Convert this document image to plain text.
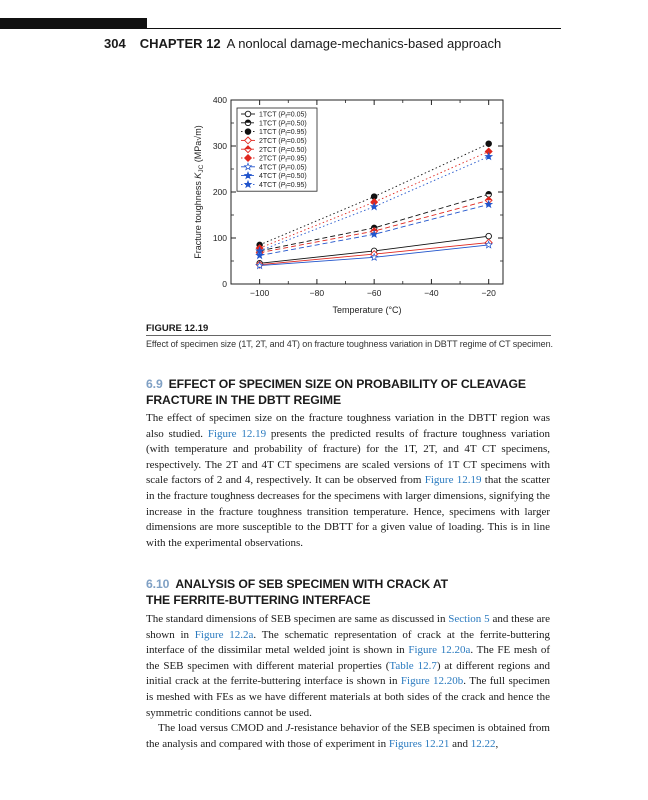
304 CHAPTER 12 A nonlocal damage-mechanics-based approach
−100	−80	−60	−40	−20
0
100
200
300
400
Temperature (°C)
Fracture toughness $K_{JC}$ (MPa√m)
1TCT $(P_f=0.05)$
1TCT $(P_f=0.50)$
1TCT $(P_f=0.95)$
2TCT $(P_f=0.05)$
2TCT $(P_f=0.50)$
2TCT $(P_f=0.95)$
4TCT $(P_f=0.05)$
4TCT $(P_f=0.50)$
4TCT $(P_f=0.95)$
FIGURE 12.19
Effect of specimen size (1T, 2T, and 4T) on fracture toughness variation in DBTT regime of CT specimen.
6.9 EFFECT OF SPECIMEN SIZE ON PROBABILITY OF CLEAVAGE
FRACTURE IN THE DBTT REGIME

The effect of specimen size on the fracture toughness variation in the DBTT region was also studied. Figure 12.19 presents the predicted results of fracture toughness variation (with temperature and probability of fracture) for the 1T, 2T, and 4T CT specimens, respectively. The 2T and 4T CT specimens are scaled versions of 1T CT specimens with scale factors of 2 and 4, respectively. It can be observed from Figure 12.19 that the scatter in the fracture toughness decreases for the specimens with larger dimensions, signifying the increase in the fracture toughness transition temperature. Hence, specimens with larger dimensions are more susceptible to the DBTT for a given value of loading. This is in line with the experimental observations.

6.10 ANALYSIS OF SEB SPECIMEN WITH CRACK AT
THE FERRITE-BUTTERING INTERFACE

The standard dimensions of SEB specimen are same as discussed in Section 5 and these are shown in Figure 12.2a. The schematic representation of crack at the ferrite-buttering interface of the dissimilar metal welded joint is shown in Figure 12.20a. The FE mesh of the SEB specimen with different material properties (Table 12.7) at different regions and initial crack at the ferrite-buttering interface is shown in Figure 12.20b. The full specimen is meshed with FEs as we have different materials at both sides of the crack and hence the symmetric conditions cannot be used.
The load versus CMOD and J-resistance behavior of the SEB specimen is obtained from the analysis and compared with those of experiment in Figures 12.21 and 12.22,
